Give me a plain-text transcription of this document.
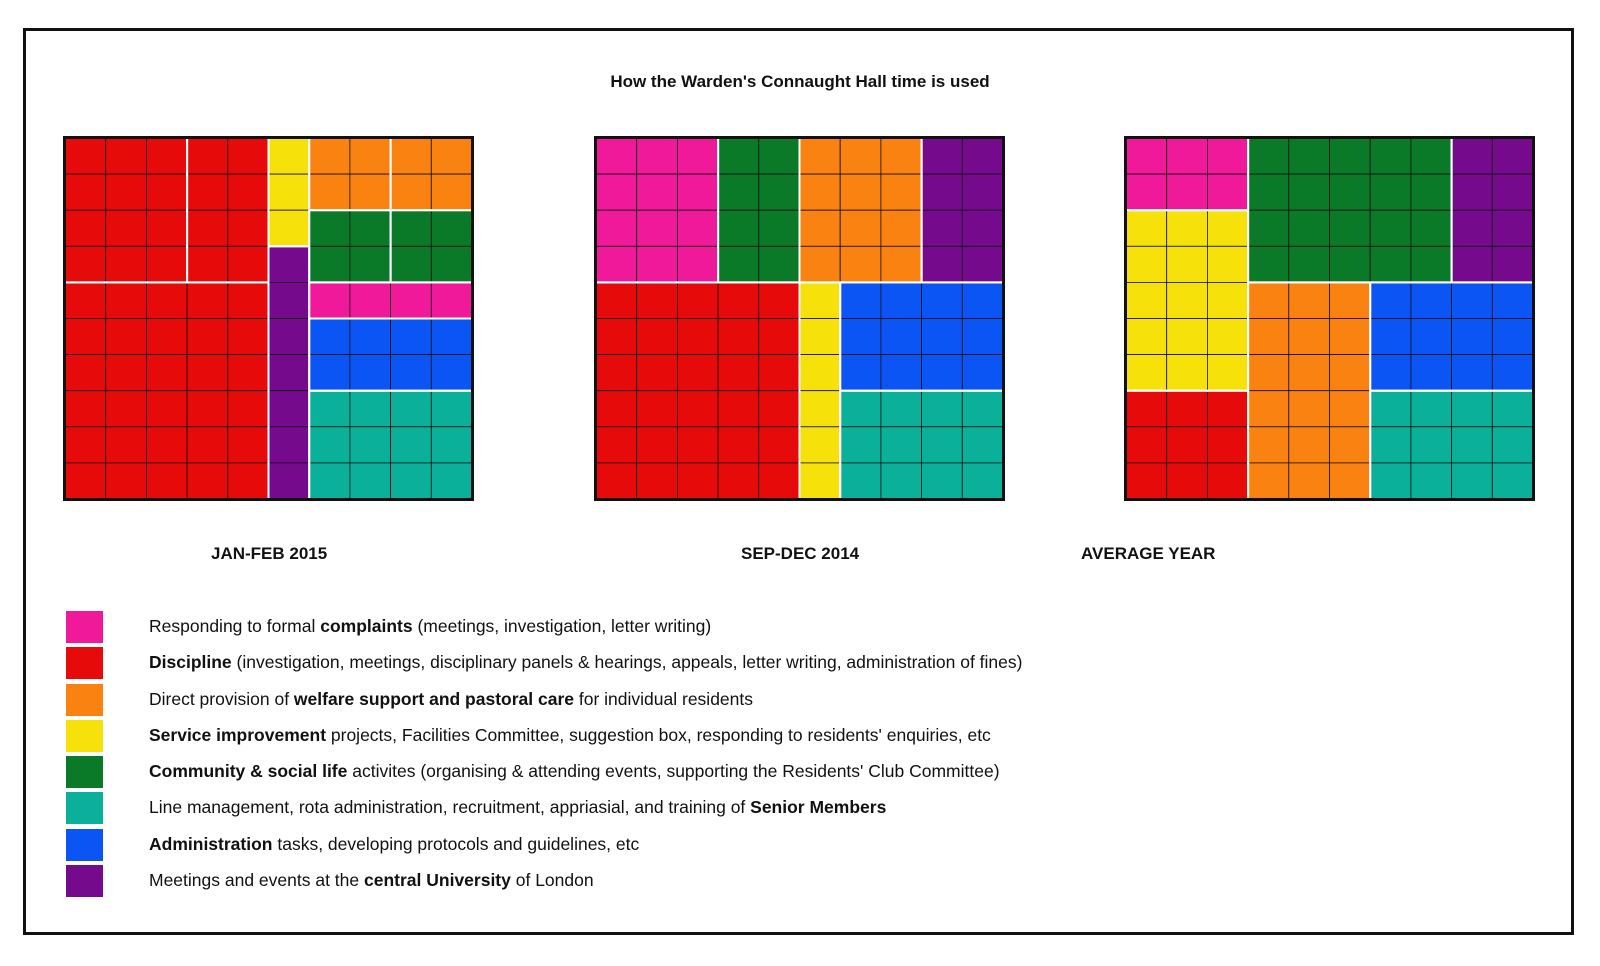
How the Warden's Connaught Hall time is used
JAN-FEB 2015	SEP-DEC 2014	AVERAGE YEAR
Responding to formal complaints (meetings, investigation, letter writing)
Discipline (investigation, meetings, disciplinary panels & hearings, appeals, letter writing, administration of fines)
Direct provision of welfare support and pastoral care for individual residents
Service improvement projects, Facilities Committee, suggestion box, responding to residents' enquiries, etc
Community & social life activites (organising & attending events, supporting the Residents' Club Committee)
Line management, rota administration, recruitment, appriasial, and training of Senior Members
Administration tasks, developing protocols and guidelines, etc
Meetings and events at the central University of London
